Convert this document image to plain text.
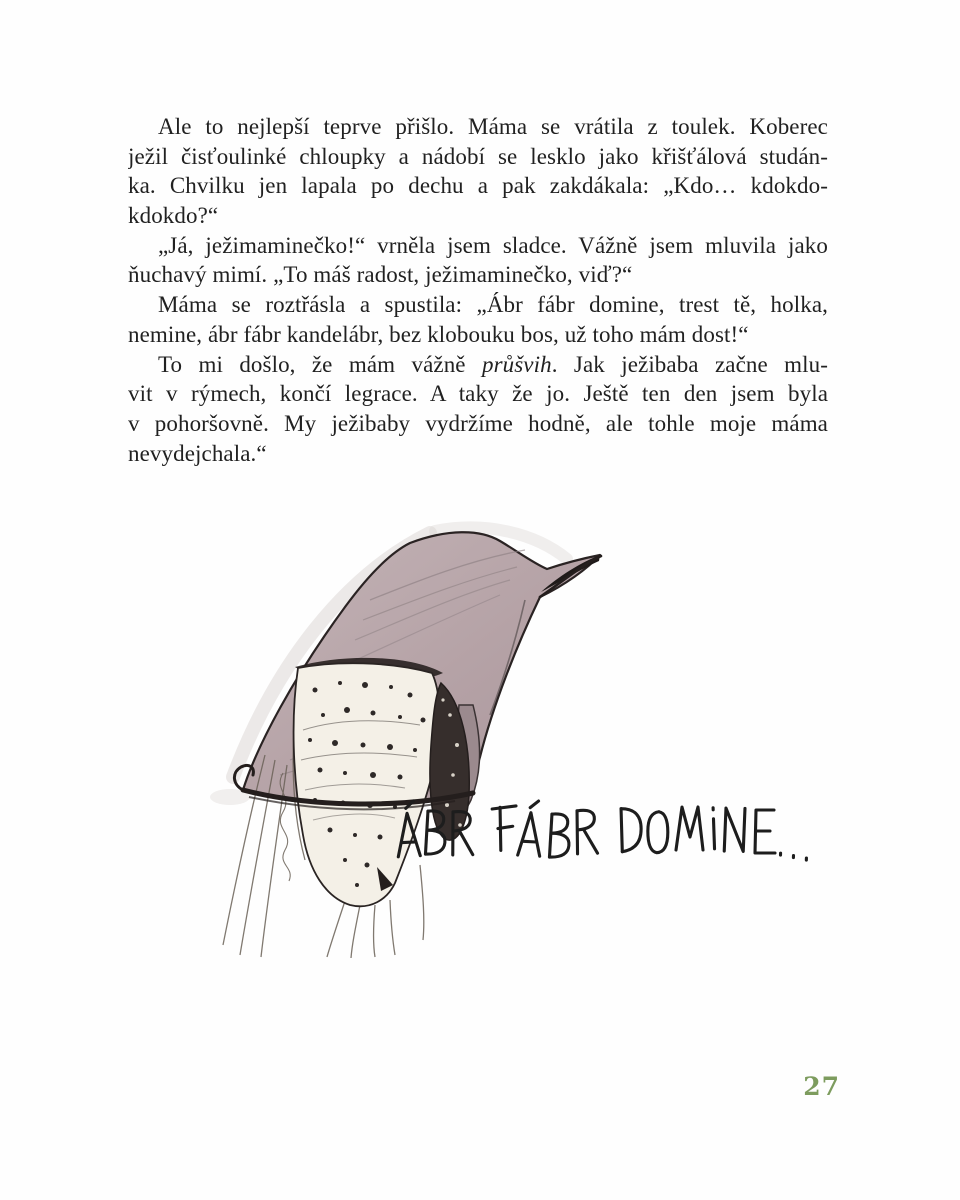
Ale to nejlepší teprve přišlo. Máma se vrátila z toulek. Koberec
ježil čisťoulinké chloupky a nádobí se lesklo jako křišťálová studán-
ka. Chvilku jen lapala po dechu a pak zakdákala: „Kdo… kdokdo-
kdokdo?“
„Já, ježimaminečko!“ vrněla jsem sladce. Vážně jsem mluvila jako
ňuchavý mimí. „To máš radost, ježimaminečko, viď?“
Máma se roztřásla a spustila: „Ábr fábr domine, trest tě, holka,
nemine, ábr fábr kandelábr, bez klobouku bos, už toho mám dost!“
To mi došlo, že mám vážně průšvih. Jak ježibaba začne mlu-
vit v rýmech, končí legrace. A taky že jo. Ještě ten den jsem byla
v pohoršovně. My ježibaby vydržíme hodně, ale tohle moje máma
nevydejchala.“
27
